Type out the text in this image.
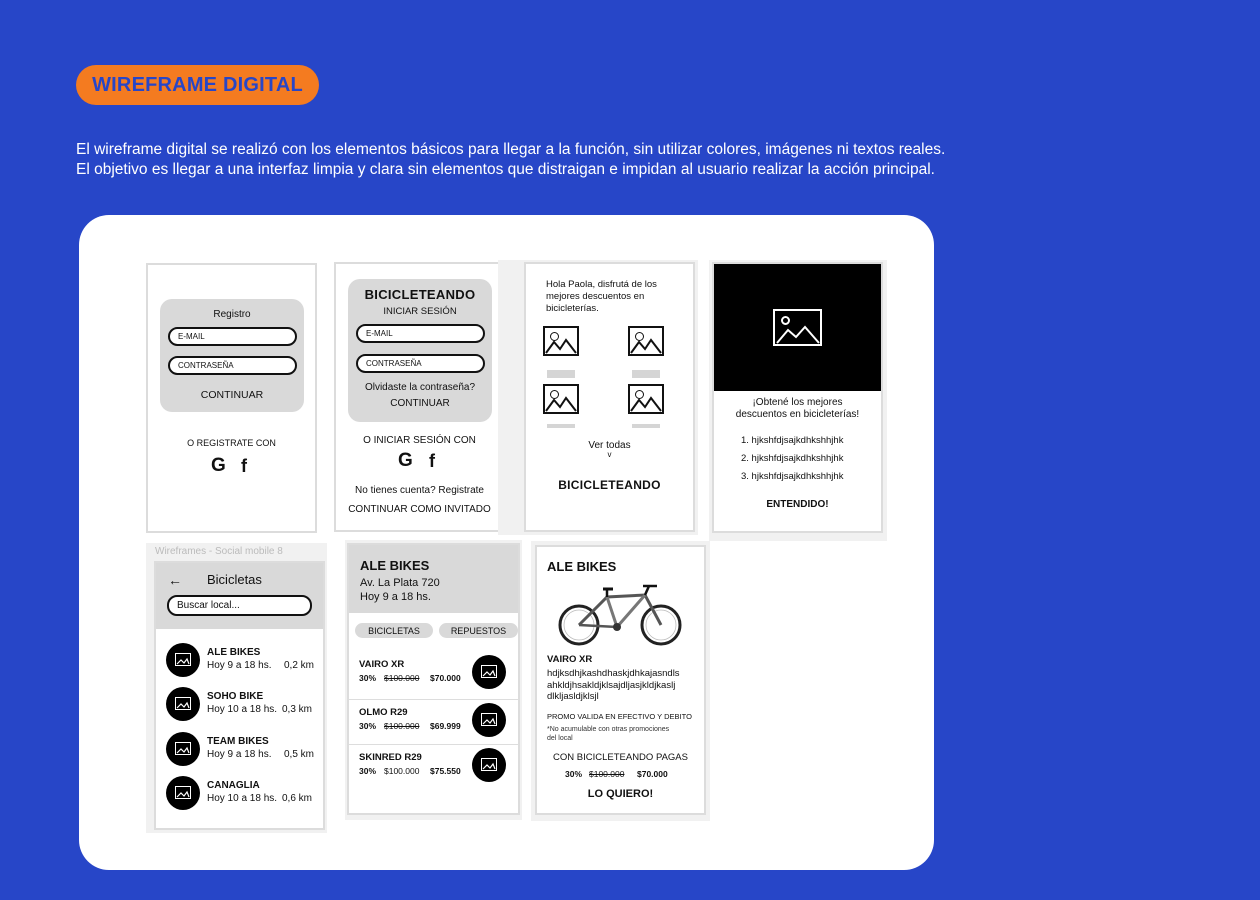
WIREFRAME DIGITAL

El wireframe digital se realizó con los elementos básicos para llegar a la función, sin utilizar colores, imágenes ni textos reales.

El objetivo es llegar a una interfaz limpia y clara sin elementos que distraigan e impidan al usuario realizar la acción principal.

Registro
E-MAIL
CONTRASEÑA
CONTINUAR
O REGISTRATE CON
G f
BICICLETEANDO
INICIAR SESIÓN
E-MAIL
CONTRASEÑA
Olvidaste la contraseña?
CONTINUAR
O INICIAR SESIÓN CON
G f
No tienes cuenta? Registrate
CONTINUAR COMO INVITADO
Hola Paola, disfrutá de los
mejores descuentos en
bicicleterías.
Ver todas
v
BICICLETEANDO
¡Obtené los mejores
descuentos en bicicleterías!
1. hjkshfdjsajkdhkshhjhk
2. hjkshfdjsajkdhkshhjhk
3. hjkshfdjsajkdhkshhjhk
ENTENDIDO!
Wireframes - Social mobile 8
← Bicicletas
Buscar local...
ALE BIKES
Hoy 9 a 18 hs. 0,2 km
SOHO BIKE
Hoy 10 a 18 hs. 0,3 km
TEAM BIKES
Hoy 9 a 18 hs. 0,5 km
CANAGLIA
Hoy 10 a 18 hs. 0,6 km
ALE BIKES
Av. La Plata 720
Hoy 9 a 18 hs.
BICICLETAS	REPUESTOS
VAIRO XR
30% $100.000 $70.000
OLMO R29
30% $100.000 $69.999
SKINRED R29
30% $100.000 $75.550
ALE BIKES
VAIRO XR
hdjksdhjkashdhaskjdhkajasndls
ahkldjhsakldjklsajdljasjkldjkaslj
dlkljasldjklsjl
PROMO VALIDA EN EFECTIVO Y DEBITO
*No acumulable con otras promociones
del local
CON BICICLETEANDO PAGAS
30% $100.000 $70.000
LO QUIERO!
